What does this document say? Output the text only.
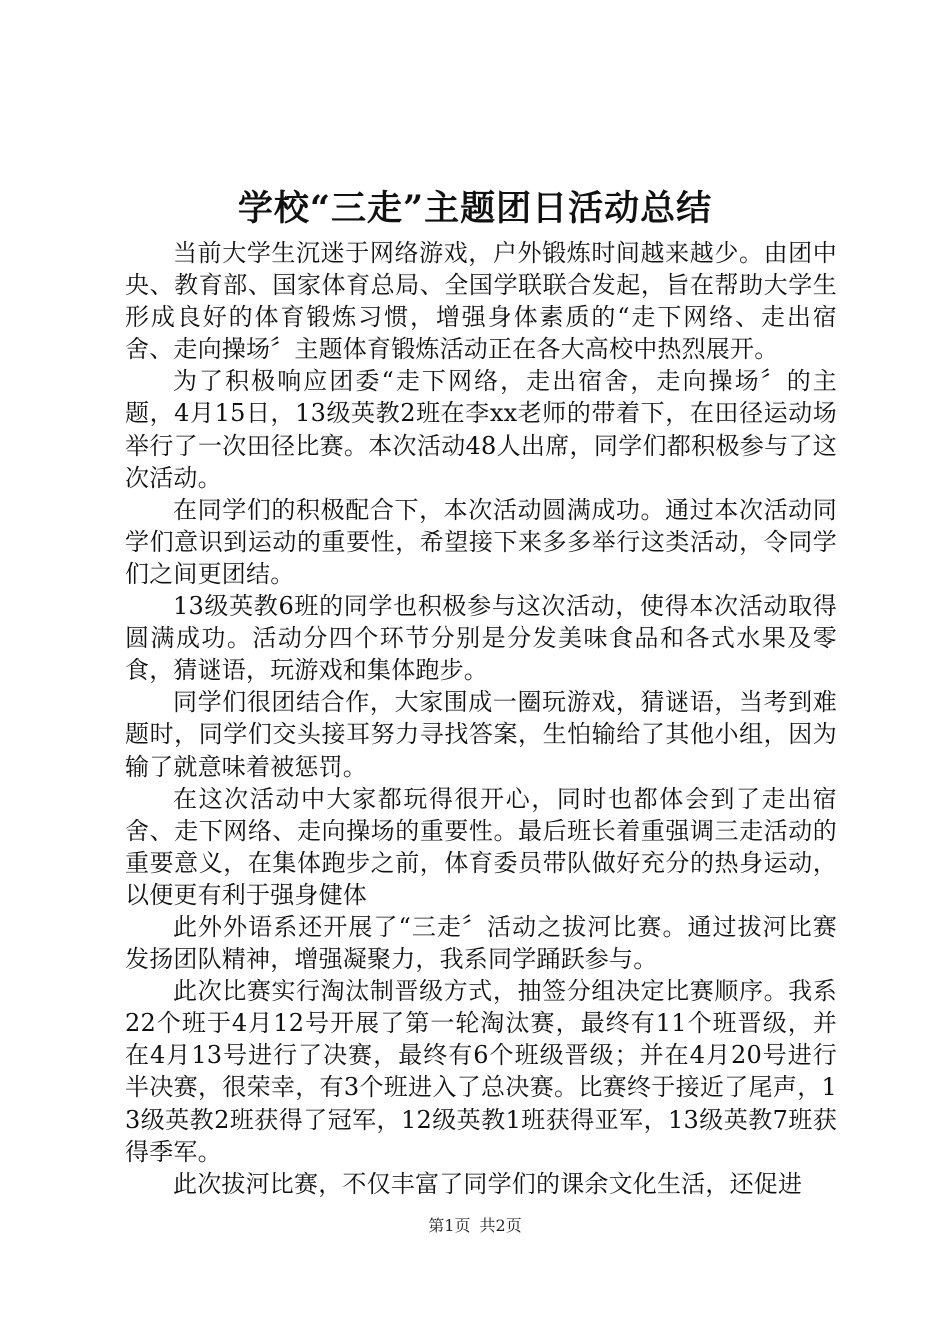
学校“三走”主题团日活动总结

当前大学生沉迷于网络游戏，户外锻炼时间越来越少。由团中央、教育部、国家体育总局、全国学联联合发起，旨在帮助大学生形成良好的体育锻炼习惯，增强身体素质的“走下网络、走出宿舍、走向操场〞主题体育锻炼活动正在各大高校中热烈展开。

为了积极响应团委“走下网络，走出宿舍，走向操场〞的主题，4月15日，13级英教2班在李xx老师的带着下，在田径运动场举行了一次田径比赛。本次活动48人出席，同学们都积极参与了这次活动。

在同学们的积极配合下，本次活动圆满成功。通过本次活动同学们意识到运动的重要性，希望接下来多多举行这类活动，令同学们之间更团结。

13级英教6班的同学也积极参与这次活动，使得本次活动取得圆满成功。活动分四个环节分别是分发美味食品和各式水果及零食，猜谜语，玩游戏和集体跑步。

同学们很团结合作，大家围成一圈玩游戏，猜谜语，当考到难题时，同学们交头接耳努力寻找答案，生怕输给了其他小组，因为输了就意味着被惩罚。

在这次活动中大家都玩得很开心，同时也都体会到了走出宿舍、走下网络、走向操场的重要性。最后班长着重强调三走活动的重要意义，在集体跑步之前，体育委员带队做好充分的热身运动，以便更有利于强身健体

此外外语系还开展了“三走〞活动之拔河比赛。通过拔河比赛发扬团队精神，增强凝聚力，我系同学踊跃参与。

此次比赛实行淘汰制晋级方式，抽签分组决定比赛顺序。我系22个班于4月12号开展了第一轮淘汰赛，最终有11个班晋级，并在4月13号进行了决赛，最终有6个班级晋级；并在4月20号进行半决赛，很荣幸，有3个班进入了总决赛。比赛终于接近了尾声，13级英教2班获得了冠军，12级英教1班获得亚军，13级英教7班获得季军。

此次拔河比赛，不仅丰富了同学们的课余文化生活，还促进

第1页 共2页
